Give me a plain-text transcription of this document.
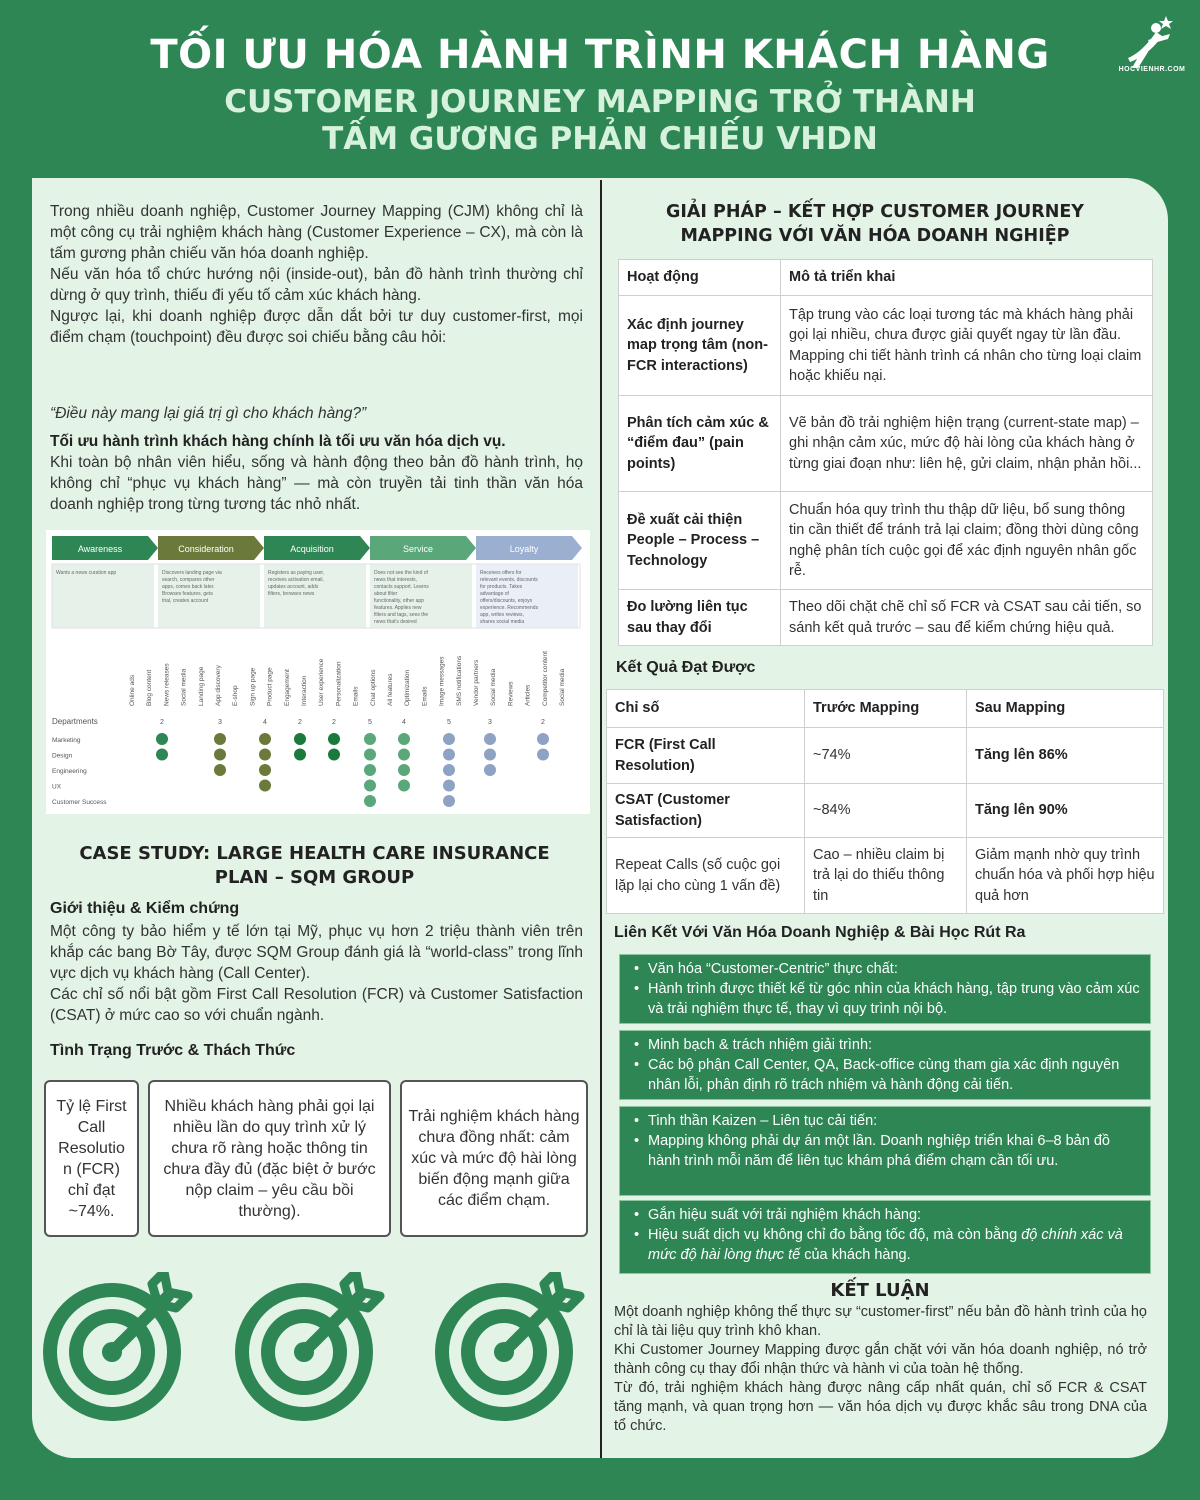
TỐI ƯU HÓA HÀNH TRÌNH KHÁCH HÀNG
CUSTOMER JOURNEY MAPPING TRỞ THÀNH TẤM GƯƠNG PHẢN CHIẾU VHDN
HOCVIENHR.COM
Trong nhiều doanh nghiệp, Customer Journey Mapping (CJM) không chỉ là một công cụ trải nghiệm khách hàng (Customer Experience – CX), mà còn là tấm gương phản chiếu văn hóa doanh nghiệp.
Nếu văn hóa tổ chức hướng nội (inside-out), bản đồ hành trình thường chỉ dừng ở quy trình, thiếu đi yếu tố cảm xúc khách hàng.
Ngược lại, khi doanh nghiệp được dẫn dắt bởi tư duy customer-first, mọi điểm chạm (touchpoint) đều được soi chiếu bằng câu hỏi:
“Điều này mang lại giá trị gì cho khách hàng?”
Tối ưu hành trình khách hàng chính là tối ưu văn hóa dịch vụ.
Khi toàn bộ nhân viên hiểu, sống và hành động theo bản đồ hành trình, họ không chỉ “phục vụ khách hàng” — mà còn truyền tải tinh thần văn hóa doanh nghiệp trong từng tương tác nhỏ nhất.
Awareness
Wants a news curation app
Consideration
Discovers landing page via
search, compares other
apps, comes back later.
Browses features, gets
trial, creates account
Acquisition
Registers as paying user,
receives activation email,
updates account, adds
filters, browses news
Service
Does not see the kind of
news that interests,
contacts support. Learns
about filter
functionality, other app
features. Applies new
filters and tags, sees the
news that's desired
Loyalty
Receives offers for
relevant events, discounts
for products. Takes
advantage of
offers/discounts, enjoys
experience. Recommends
app, writes reviews,
shares social media
Online ads Blog content News releases Social media Landing page App discovery E-shop Sign up page Product page Engagement Interaction User experience Personalization Emails Chat options All features Optimization Emails Image messages SMS notifications Vendor partners Social media Reviews Articles Competitor content Social media
Departments
Marketing
Design
Engineering
UX
Customer Success
2	3	4	2	2	5	4	5	3	2
CASE STUDY: LARGE HEALTH CARE INSURANCE PLAN – SQM GROUP
Giới thiệu & Kiểm chứng
Một công ty bảo hiểm y tế lớn tại Mỹ, phục vụ hơn 2 triệu thành viên trên khắp các bang Bờ Tây, được SQM Group đánh giá là “world-class” trong lĩnh vực dịch vụ khách hàng (Call Center).
Các chỉ số nổi bật gồm First Call Resolution (FCR) và Customer Satisfaction (CSAT) ở mức cao so với chuẩn ngành.
Tình Trạng Trước & Thách Thức
Tỷ lệ First Call Resolutio n (FCR) chỉ đạt ~74%.
Nhiều khách hàng phải gọi lại nhiều lần do quy trình xử lý chưa rõ ràng hoặc thông tin chưa đầy đủ (đặc biệt ở bước nộp claim – yêu cầu bồi thường).
Trải nghiệm khách hàng chưa đồng nhất: cảm xúc và mức độ hài lòng biến động mạnh giữa các điểm chạm.
GIẢI PHÁP – KẾT HỢP CUSTOMER JOURNEY MAPPING VỚI VĂN HÓA DOANH NGHIỆP
Hoạt động	Mô tả triển khai
Xác định journey map trọng tâm (non-FCR interactions)	Tập trung vào các loại tương tác mà khách hàng phải gọi lại nhiều, chưa được giải quyết ngay từ lần đầu. Mapping chi tiết hành trình cá nhân cho từng loại claim hoặc khiếu nại.
Phân tích cảm xúc & “điểm đau” (pain points)	Vẽ bản đồ trải nghiệm hiện trạng (current-state map) – ghi nhận cảm xúc, mức độ hài lòng của khách hàng ở từng giai đoạn như: liên hệ, gửi claim, nhận phản hồi...
Đề xuất cải thiện People – Process – Technology	Chuẩn hóa quy trình thu thập dữ liệu, bổ sung thông tin cần thiết để tránh trả lại claim; đồng thời dùng công nghệ phân tích cuộc gọi để xác định nguyên nhân gốc rễ.
Đo lường liên tục sau thay đổi	Theo dõi chặt chẽ chỉ số FCR và CSAT sau cải tiến, so sánh kết quả trước – sau để kiểm chứng hiệu quả.
Kết Quả Đạt Được
Chỉ số	Trước Mapping	Sau Mapping
FCR (First Call Resolution)	~74%	Tăng lên 86%
CSAT (Customer Satisfaction)	~84%	Tăng lên 90%
Repeat Calls (số cuộc gọi lặp lại cho cùng 1 vấn đề)	Cao – nhiều claim bị trả lại do thiếu thông tin	Giảm mạnh nhờ quy trình chuẩn hóa và phối hợp hiệu quả hơn
Liên Kết Với Văn Hóa Doanh Nghiệp & Bài Học Rút Ra
• Văn hóa “Customer-Centric” thực chất:
• Hành trình được thiết kế từ góc nhìn của khách hàng, tập trung vào cảm xúc và trải nghiệm thực tế, thay vì quy trình nội bộ.
• Minh bạch & trách nhiệm giải trình:
• Các bộ phận Call Center, QA, Back-office cùng tham gia xác định nguyên nhân lỗi, phân định rõ trách nhiệm và hành động cải tiến.
• Tinh thần Kaizen – Liên tục cải tiến:
• Mapping không phải dự án một lần. Doanh nghiệp triển khai 6–8 bản đồ hành trình mỗi năm để liên tục khám phá điểm chạm cần tối ưu.
• Gắn hiệu suất với trải nghiệm khách hàng:
• Hiệu suất dịch vụ không chỉ đo bằng tốc độ, mà còn bằng độ chính xác và mức độ hài lòng thực tế của khách hàng.
KẾT LUẬN
Một doanh nghiệp không thể thực sự “customer-first” nếu bản đồ hành trình của họ chỉ là tài liệu quy trình khô khan.
Khi Customer Journey Mapping được gắn chặt với văn hóa doanh nghiệp, nó trở thành công cụ thay đổi nhận thức và hành vi của toàn hệ thống.
Từ đó, trải nghiệm khách hàng được nâng cấp nhất quán, chỉ số FCR & CSAT tăng mạnh, và quan trọng hơn — văn hóa dịch vụ được khắc sâu trong DNA của tổ chức.
